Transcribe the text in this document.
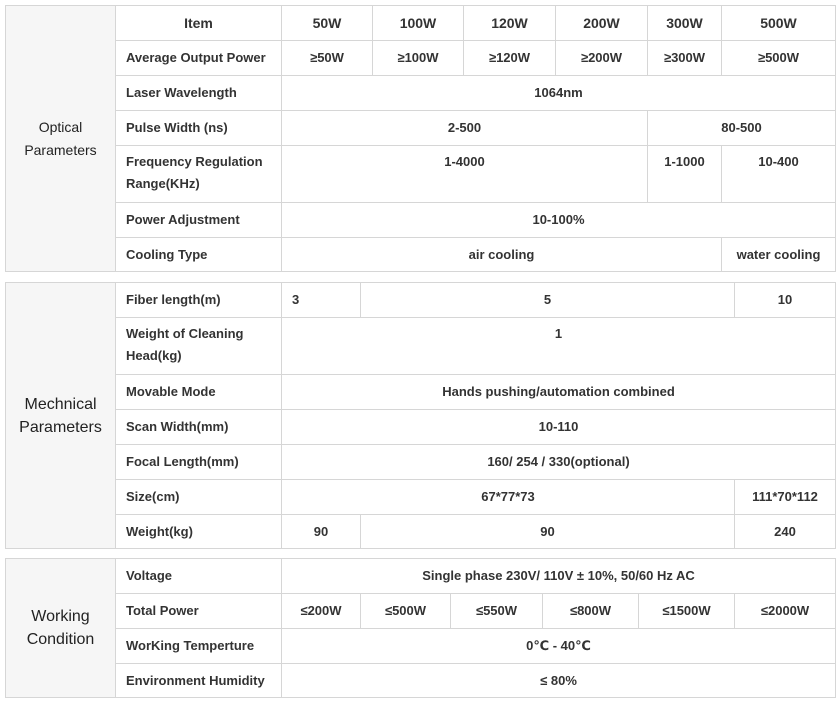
Optical Parameters	Item	50W	100W	120W	200W	300W	500W
	Average Output Power	≥50W	≥100W	≥120W	≥200W	≥300W	≥500W
	Laser Wavelength	1064nm					
	Pulse Width (ns)	2-500				80-500	
	Frequency Regulation Range(KHz)	1-4000				1-1000	10-400
	Power Adjustment	10-100%					
	Cooling Type	air cooling					water cooling
Mechnical Parameters	Fiber length(m)	3	5	10
	Weight of Cleaning Head(kg)	1		
	Movable Mode	Hands pushing/automation combined		
	Scan Width(mm)	10-110		
	Focal Length(mm)	160/ 254 / 330(optional)		
	Size(cm)	67*77*73		111*70*112
	Weight(kg)	90	90	240
Working Condition	Voltage	Single phase 230V/ 110V ± 10%, 50/60 Hz AC					
	Total Power	≤200W	≤500W	≤550W	≤800W	≤1500W	≤2000W
	WorKing Temperture	0℃ - 40℃					
	Environment Humidity	≤ 80%					
